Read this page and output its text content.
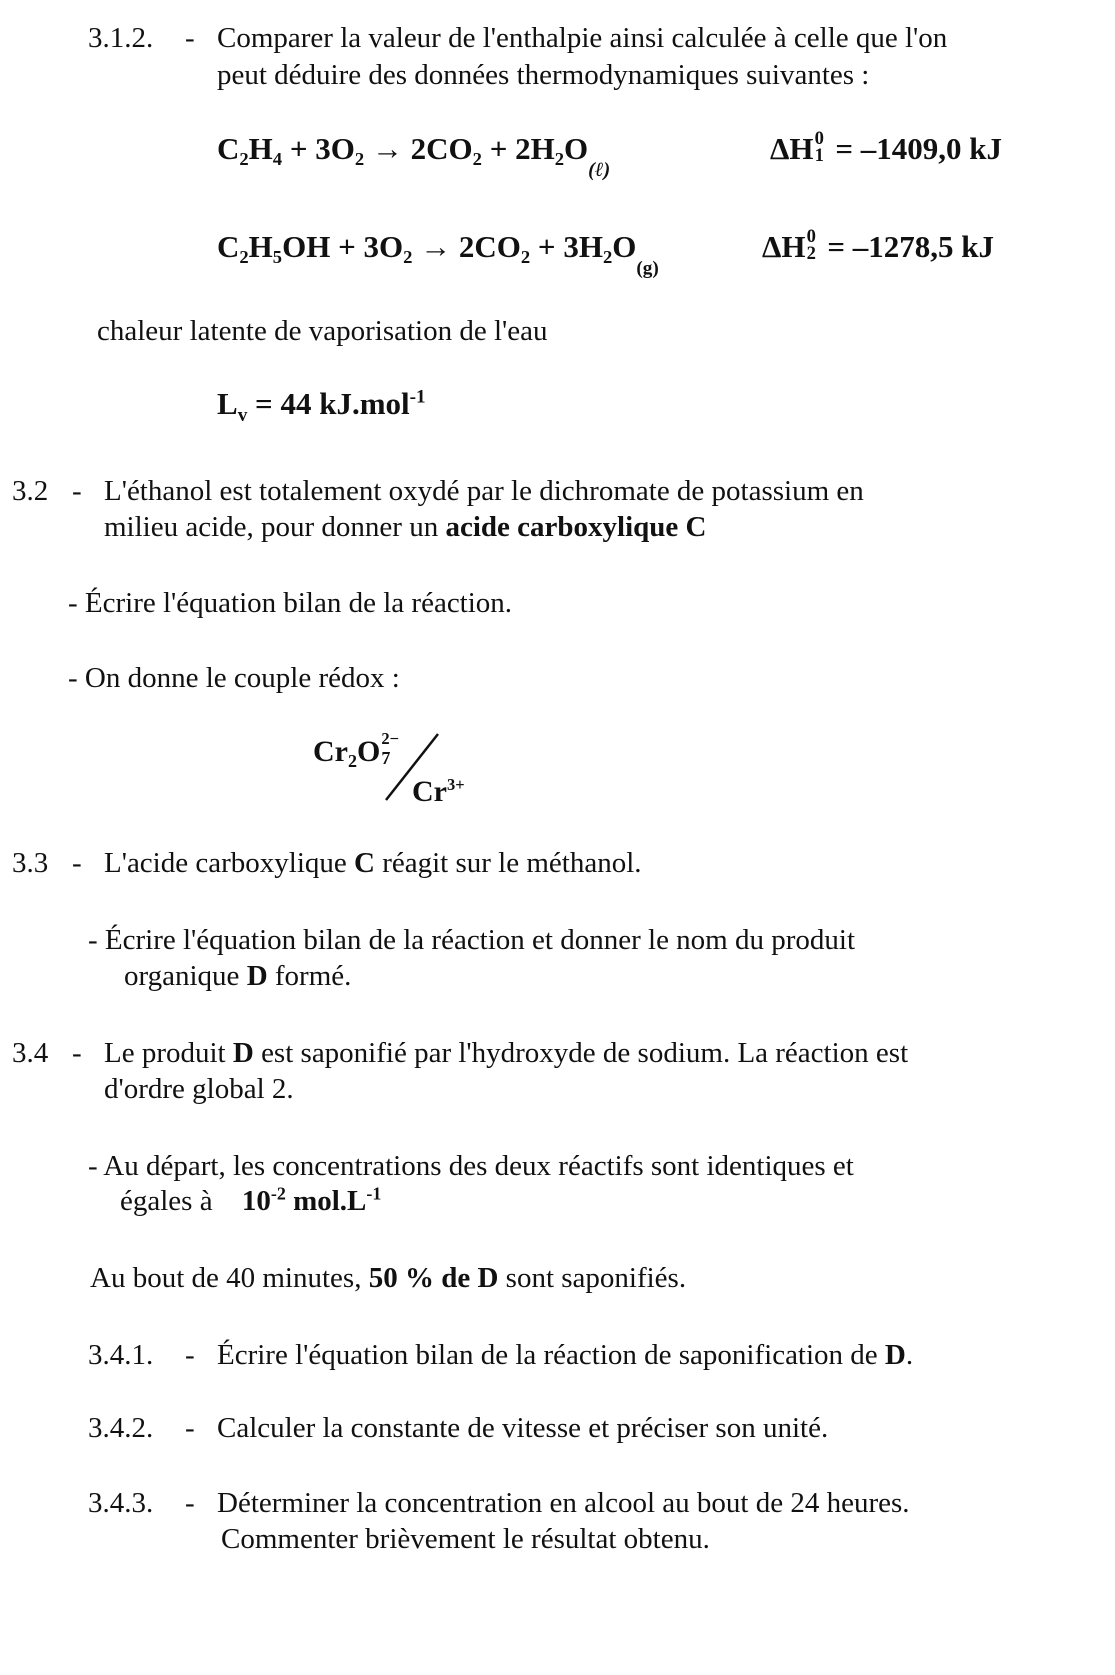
3.1.2. - Comparer la valeur de l'enthalpie ainsi calculée à celle que l'on
peut déduire des données thermodynamiques suivantes :
$C_2H_4 + 3O_2 \to 2CO_2 + 2H_2O_{(\ell)}$
ΔH 0
1 = –1409,0 kJ
$C_2H_5OH + 3O_2 \to 2CO_2 + 3H_2O_{(g)}$
ΔH 0
2 = –1278,5 kJ
chaleur latente de vaporisation de l'eau
$L_v = 44$ kJ.mol$^{-1}$
3.2 - L'éthanol est totalement oxydé par le dichromate de potassium en
milieu acide, pour donner un acide carboxylique C
- Écrire l'équation bilan de la réaction.
- On donne le couple rédox :
Cr₂O 2−
7
$Cr^{3+}$
3.3 - L'acide carboxylique C réagit sur le méthanol.
- Écrire l'équation bilan de la réaction et donner le nom du produit
organique D formé.
3.4 - Le produit D est saponifié par l'hydroxyde de sodium. La réaction est
d'ordre global 2.
- Au départ, les concentrations des deux réactifs sont identiques et
égales à $10^{-2}$ $mol.L^{-1}$
Au bout de 40 minutes, 50 % de D sont saponifiés.
3.4.1. - Écrire l'équation bilan de la réaction de saponification de D.
3.4.2. - Calculer la constante de vitesse et préciser son unité.
3.4.3. - Déterminer la concentration en alcool au bout de 24 heures.
Commenter brièvement le résultat obtenu.
